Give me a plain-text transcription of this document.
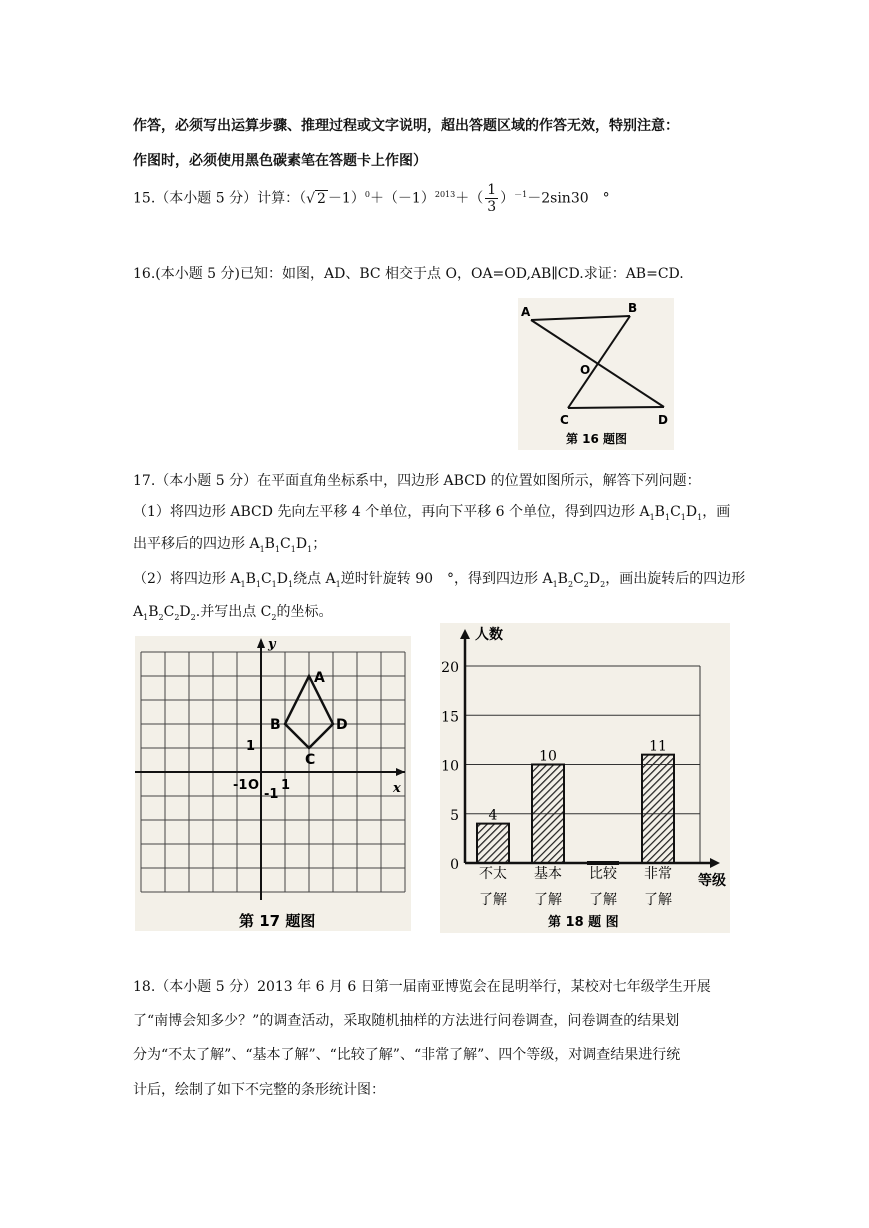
作答，必须写出运算步骤、推理过程或文字说明，超出答题区域的作答无效，特别注意：
作图时，必须使用黑色碳素笔在答题卡上作图）
15.（本小题 5 分）计算：（√ $2 -1)^0+(-1)^{2013}+( \frac{1}{3} )^{-1}-2\sin 30$　°
16.(本小题 5 分)已知：如图，AD、BC 相交于点 O，OA=OD,AB∥CD.求证：AB=CD.
A	B
O
C	D
第 16 题图
17.（本小题 5 分）在平面直角坐标系中，四边形 ABCD 的位置如图所示，解答下列问题：
（1）将四边形 ABCD 先向左平移 4 个单位，再向下平移 6 个单位，得到四边形 $A_1B_1C_1D_1$，画
出平移后的四边形 $A_1B_1C_1D_1$；
（2）将四边形 $A_1B_1C_1D_1$绕点 $A_1$逆时针旋转 90　°，得到四边形 $A_1B_2C_2D_2$，画出旋转后的四边形
$A_1B_2C_2D_2$.并写出点 $C_2$的坐标。
x
y
A
B
C
D
1
-1 O
-1
1
第 17 题图
0
5
10
15
20
人数
等级
4
不太
了解
10
基本
了解
比较
了解
11
非常
了解
第 18 题 图
18.（本小题 5 分）2013 年 6 月 6 日第一届南亚博览会在昆明举行，某校对七年级学生开展
了“南博会知多少？”的调查活动，采取随机抽样的方法进行问卷调查，问卷调查的结果划
分为“不太了解”、“基本了解”、“比较了解”、“非常了解”、四个等级，对调查结果进行统
计后，绘制了如下不完整的条形统计图：
